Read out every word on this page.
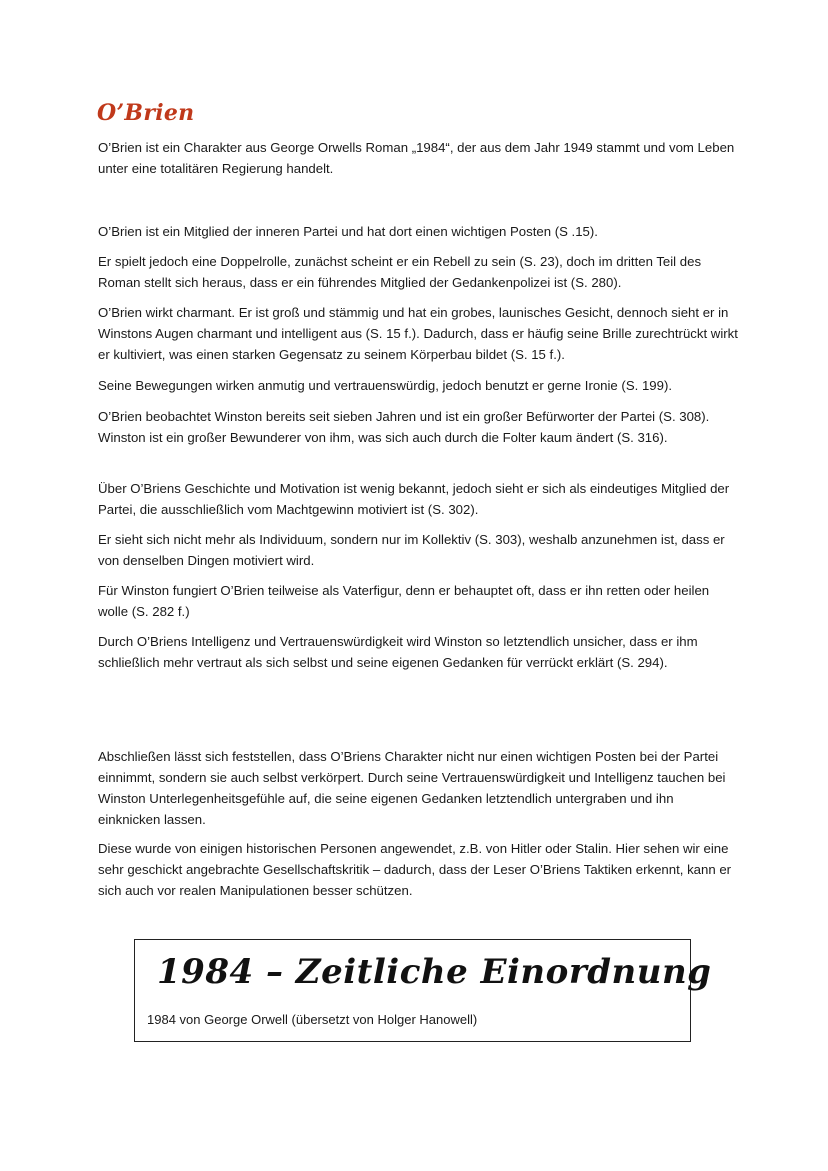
O’Brien

O’Brien ist ein Charakter aus George Orwells Roman „1984“, der aus dem Jahr 1949 stammt und vom Leben unter eine totalitären Regierung handelt.

O’Brien ist ein Mitglied der inneren Partei und hat dort einen wichtigen Posten (S .15).

Er spielt jedoch eine Doppelrolle, zunächst scheint er ein Rebell zu sein (S. 23), doch im dritten Teil des Roman stellt sich heraus, dass er ein führendes Mitglied der Gedankenpolizei ist (S. 280).

O’Brien wirkt charmant. Er ist groß und stämmig und hat ein grobes, launisches Gesicht, dennoch sieht er in Winstons Augen charmant und intelligent aus (S. 15 f.). Dadurch, dass er häufig seine Brille zurechtrückt wirkt er kultiviert, was einen starken Gegensatz zu seinem Körperbau bildet (S. 15 f.).

Seine Bewegungen wirken anmutig und vertrauenswürdig, jedoch benutzt er gerne Ironie (S. 199).

O’Brien beobachtet Winston bereits seit sieben Jahren und ist ein großer Befürworter der Partei (S. 308). Winston ist ein großer Bewunderer von ihm, was sich auch durch die Folter kaum ändert (S. 316).

Über O’Briens Geschichte und Motivation ist wenig bekannt, jedoch sieht er sich als eindeutiges Mitglied der Partei, die ausschließlich vom Machtgewinn motiviert ist (S. 302).

Er sieht sich nicht mehr als Individuum, sondern nur im Kollektiv (S. 303), weshalb anzunehmen ist, dass er von denselben Dingen motiviert wird.

Für Winston fungiert O’Brien teilweise als Vaterfigur, denn er behauptet oft, dass er ihn retten oder heilen wolle (S. 282 f.)

Durch O’Briens Intelligenz und Vertrauenswürdigkeit wird Winston so letztendlich unsicher, dass er ihm schließlich mehr vertraut als sich selbst und seine eigenen Gedanken für verrückt erklärt (S. 294).

Abschließen lässt sich feststellen, dass O’Briens Charakter nicht nur einen wichtigen Posten bei der Partei einnimmt, sondern sie auch selbst verkörpert. Durch seine Vertrauenswürdigkeit und Intelligenz tauchen bei Winston Unterlegenheitsgefühle auf, die seine eigenen Gedanken letztendlich untergraben und ihn einknicken lassen.

Diese wurde von einigen historischen Personen angewendet, z.B. von Hitler oder Stalin. Hier sehen wir eine sehr geschickt angebrachte Gesellschaftskritik – dadurch, dass der Leser O’Briens Taktiken erkennt, kann er sich auch vor realen Manipulationen besser schützen.

1984 – Zeitliche Einordnung

1984 von George Orwell (übersetzt von Holger Hanowell)
